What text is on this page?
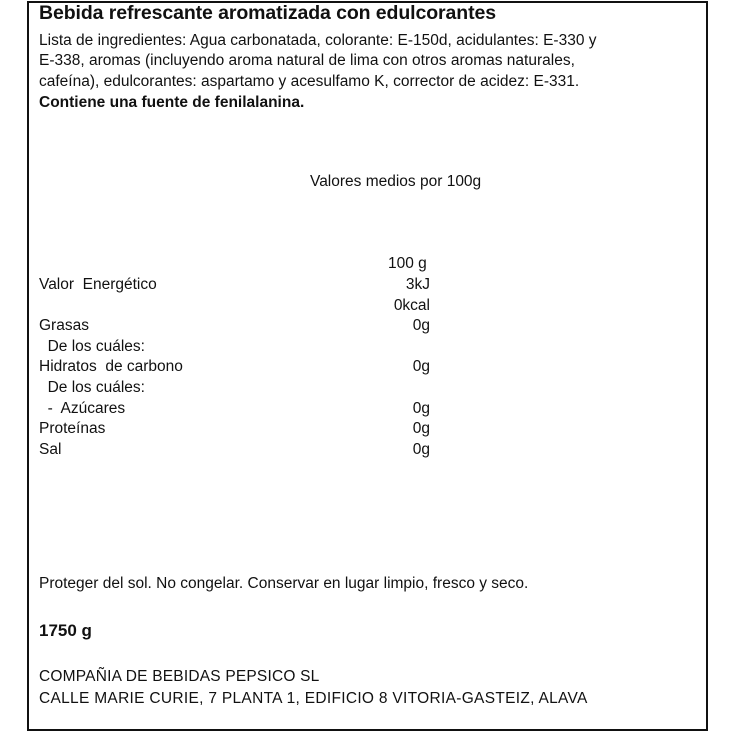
Bebida refrescante aromatizada con edulcorantes
Lista de ingredientes: Agua carbonatada, colorante: E-150d, acidulantes: E-330 y
E-338, aromas (incluyendo aroma natural de lima con otros aromas naturales,
cafeína), edulcorantes: aspartamo y acesulfamo K, corrector de acidez: E-331.
Contiene una fuente de fenilalanina.
Valores medios por 100g
100 g
Valor  Energético	3kJ
0kcal
Grasas	0g
De los cuáles:
Hidratos  de carbono	0g
De los cuáles:
-  Azúcares	0g
Proteínas	0g
Sal	0g
Proteger del sol. No congelar. Conservar en lugar limpio, fresco y seco.
1750 g
COMPAÑIA DE BEBIDAS PEPSICO SL
CALLE MARIE CURIE, 7 PLANTA 1, EDIFICIO 8 VITORIA-GASTEIZ, ALAVA
